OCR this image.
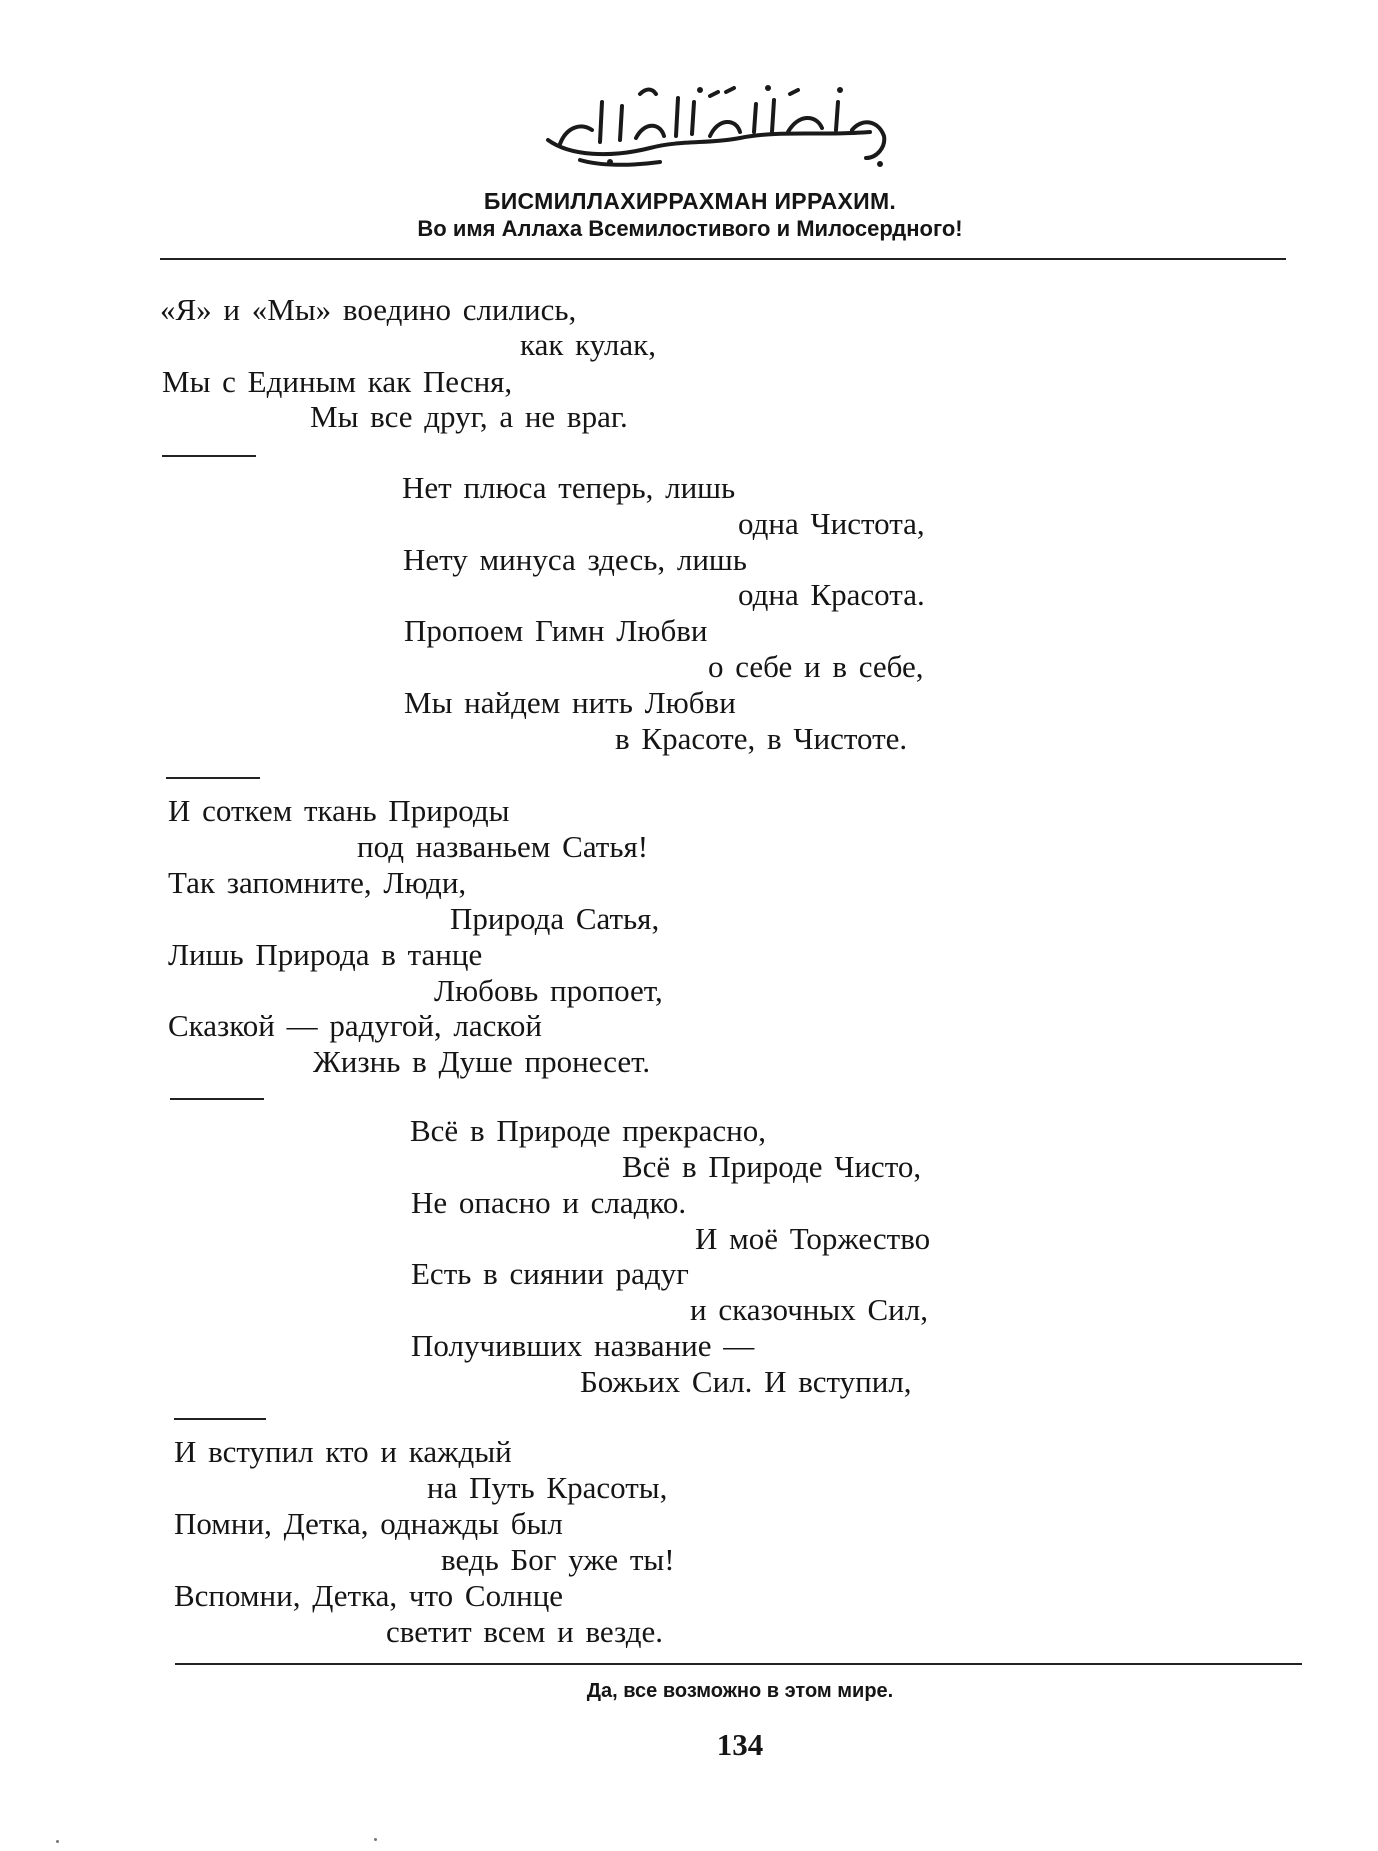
БИСМИЛЛАХИРРАХМАН ИРРАХИМ.

Во имя Аллаха Всемилостивого и Милосердного!

«Я» и «Мы» воедино слились,
как кулак,
Мы с Единым как Песня,
Мы все друг, а не враг.
Нет плюса теперь, лишь
одна Чистота,
Нету минуса здесь, лишь
одна Красота.
Пропоем Гимн Любви
о себе и в себе,
Мы найдем нить Любви
в Красоте, в Чистоте.
И соткем ткань Природы
под названьем Сатья!
Так запомните, Люди,
Природа Сатья,
Лишь Природа в танце
Любовь пропоет,
Сказкой — радугой, лаской
Жизнь в Душе пронесет.
Всё в Природе прекрасно,
Всё в Природе Чисто,
Не опасно и сладко.
И моё Торжество
Есть в сиянии радуг
и сказочных Сил,
Получивших название —
Божьих Сил. И вступил,
И вступил кто и каждый
на Путь Красоты,
Помни, Детка, однажды был
ведь Бог уже ты!
Вспомни, Детка, что Солнце
светит всем и везде.

Да, все возможно в этом мире.

134
